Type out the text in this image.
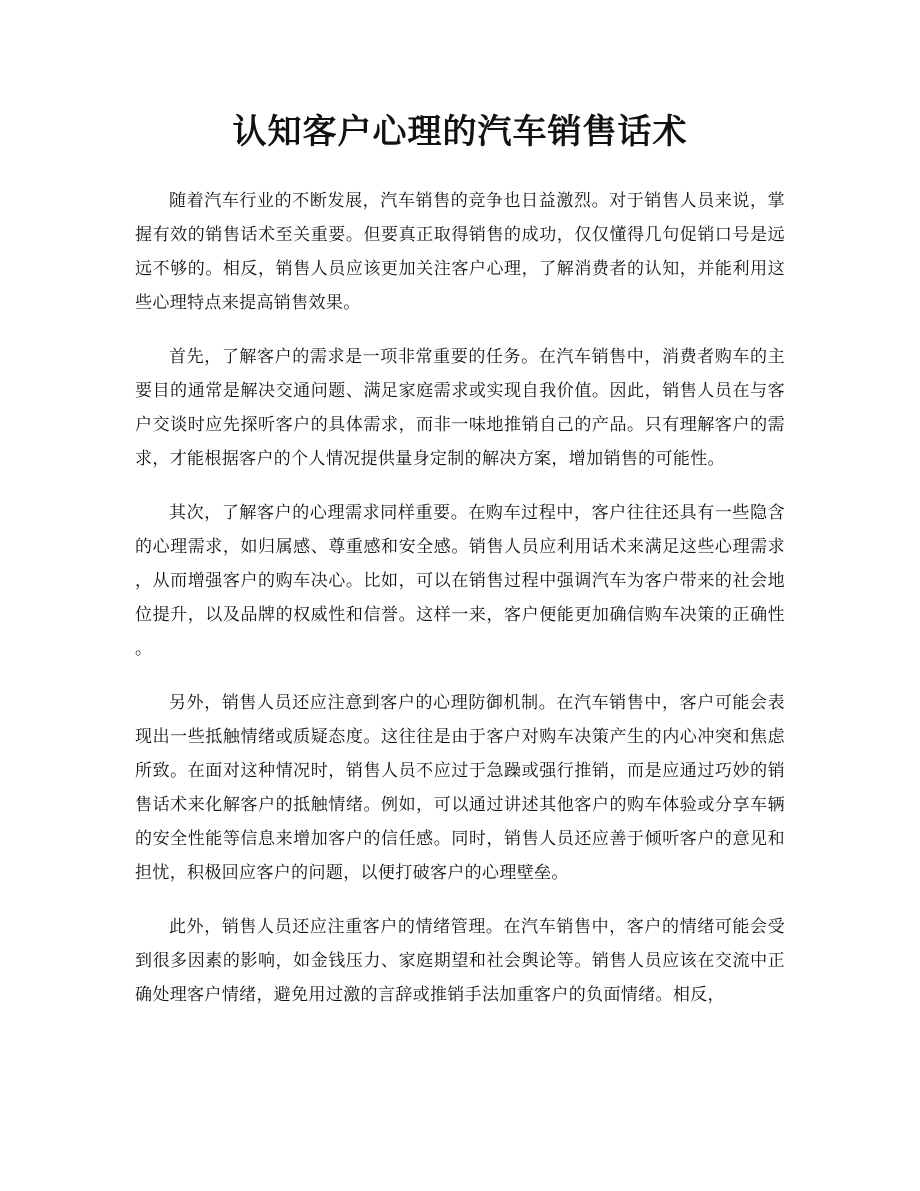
认知客户心理的汽车销售话术

随着汽车行业的不断发展，汽车销售的竞争也日益激烈。对于销售人员来说，掌握有效的销售话术至关重要。但要真正取得销售的成功，仅仅懂得几句促销口号是远远不够的。相反，销售人员应该更加关注客户心理，了解消费者的认知，并能利用这些心理特点来提高销售效果。

首先，了解客户的需求是一项非常重要的任务。在汽车销售中，消费者购车的主要目的通常是解决交通问题、满足家庭需求或实现自我价值。因此，销售人员在与客户交谈时应先探听客户的具体需求，而非一味地推销自己的产品。只有理解客户的需求，才能根据客户的个人情况提供量身定制的解决方案，增加销售的可能性。

其次，了解客户的心理需求同样重要。在购车过程中，客户往往还具有一些隐含的心理需求，如归属感、尊重感和安全感。销售人员应利用话术来满足这些心理需求，从而增强客户的购车决心。比如，可以在销售过程中强调汽车为客户带来的社会地位提升，以及品牌的权威性和信誉。这样一来，客户便能更加确信购车决策的正确性。

另外，销售人员还应注意到客户的心理防御机制。在汽车销售中，客户可能会表现出一些抵触情绪或质疑态度。这往往是由于客户对购车决策产生的内心冲突和焦虑所致。在面对这种情况时，销售人员不应过于急躁或强行推销，而是应通过巧妙的销售话术来化解客户的抵触情绪。例如，可以通过讲述其他客户的购车体验或分享车辆的安全性能等信息来增加客户的信任感。同时，销售人员还应善于倾听客户的意见和担忧，积极回应客户的问题，以便打破客户的心理壁垒。

此外，销售人员还应注重客户的情绪管理。在汽车销售中，客户的情绪可能会受到很多因素的影响，如金钱压力、家庭期望和社会舆论等。销售人员应该在交流中正确处理客户情绪，避免用过激的言辞或推销手法加重客户的负面情绪。相反，
